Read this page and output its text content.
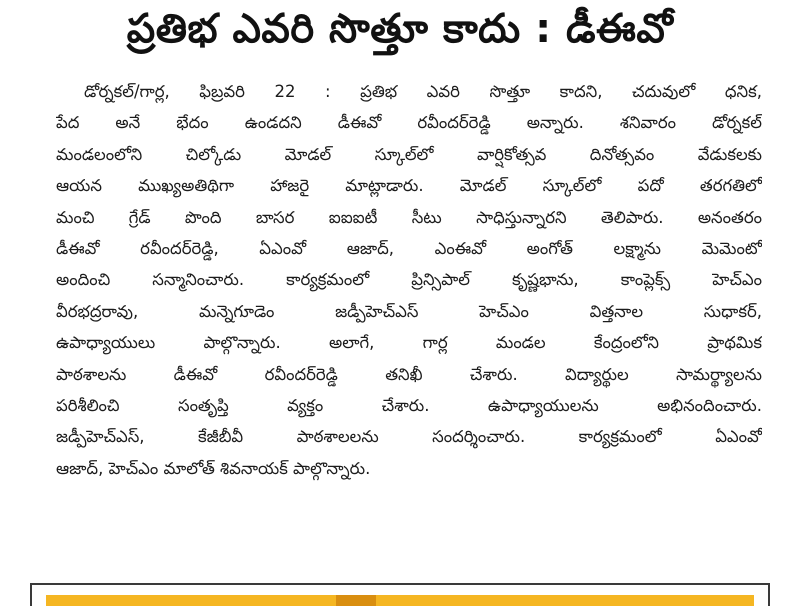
ప్రతిభ ఎవరి సొత్తూ కాదు : డీఈవో
డోర్నకల్/గార్ల, ఫిబ్రవరి 22 : ప్రతిభ ఎవరి సొత్తూ కాదని, చదువులో ధనిక,
పేద అనే భేదం ఉండదని డీఈవో రవీందర్‌రెడ్డి అన్నారు. శనివారం డోర్నకల్
మండలంలోని చిల్కోడు మోడల్ స్కూల్‌లో వార్షికోత్సవ దినోత్సవం వేడుకలకు
ఆయన ముఖ్యఅతిథిగా హాజరై మాట్లాడారు. మోడల్ స్కూల్‌లో పదో తరగతిలో
మంచి గ్రేడ్ పొంది బాసర ఐఐఐటీ సీటు సాధిస్తున్నారని తెలిపారు. అనంతరం
డీఈవో రవీందర్‌రెడ్డి, ఏఎంవో ఆజాద్, ఎంఈవో అంగోత్ లక్ష్మాను మెమెంటో
అందించి సన్మానించారు. కార్యక్రమంలో ప్రిన్సిపాల్ కృష్ణభాను, కాంప్లెక్స్ హెచ్‌ఎం
వీరభద్రరావు, మన్నెగూడెం జడ్పీహెచ్‌ఎస్ హెచ్‌ఎం విత్తనాల సుధాకర్,
ఉపాధ్యాయులు పాల్గొన్నారు. అలాగే, గార్ల మండల కేంద్రంలోని ప్రాథమిక
పాఠశాలను డీఈవో రవీందర్‌రెడ్డి తనిఖీ చేశారు. విద్యార్థుల సామర్థ్యాలను
పరిశీలించి సంతృప్తి వ్యక్తం చేశారు. ఉపాధ్యాయులను అభినందించారు.
జడ్పీహెచ్‌ఎస్, కేజీబీవీ పాఠశాలలను సందర్శించారు. కార్యక్రమంలో ఏఎంవో
ఆజాద్, హెచ్‌ఎం మాలోత్ శివనాయక్ పాల్గొన్నారు.
